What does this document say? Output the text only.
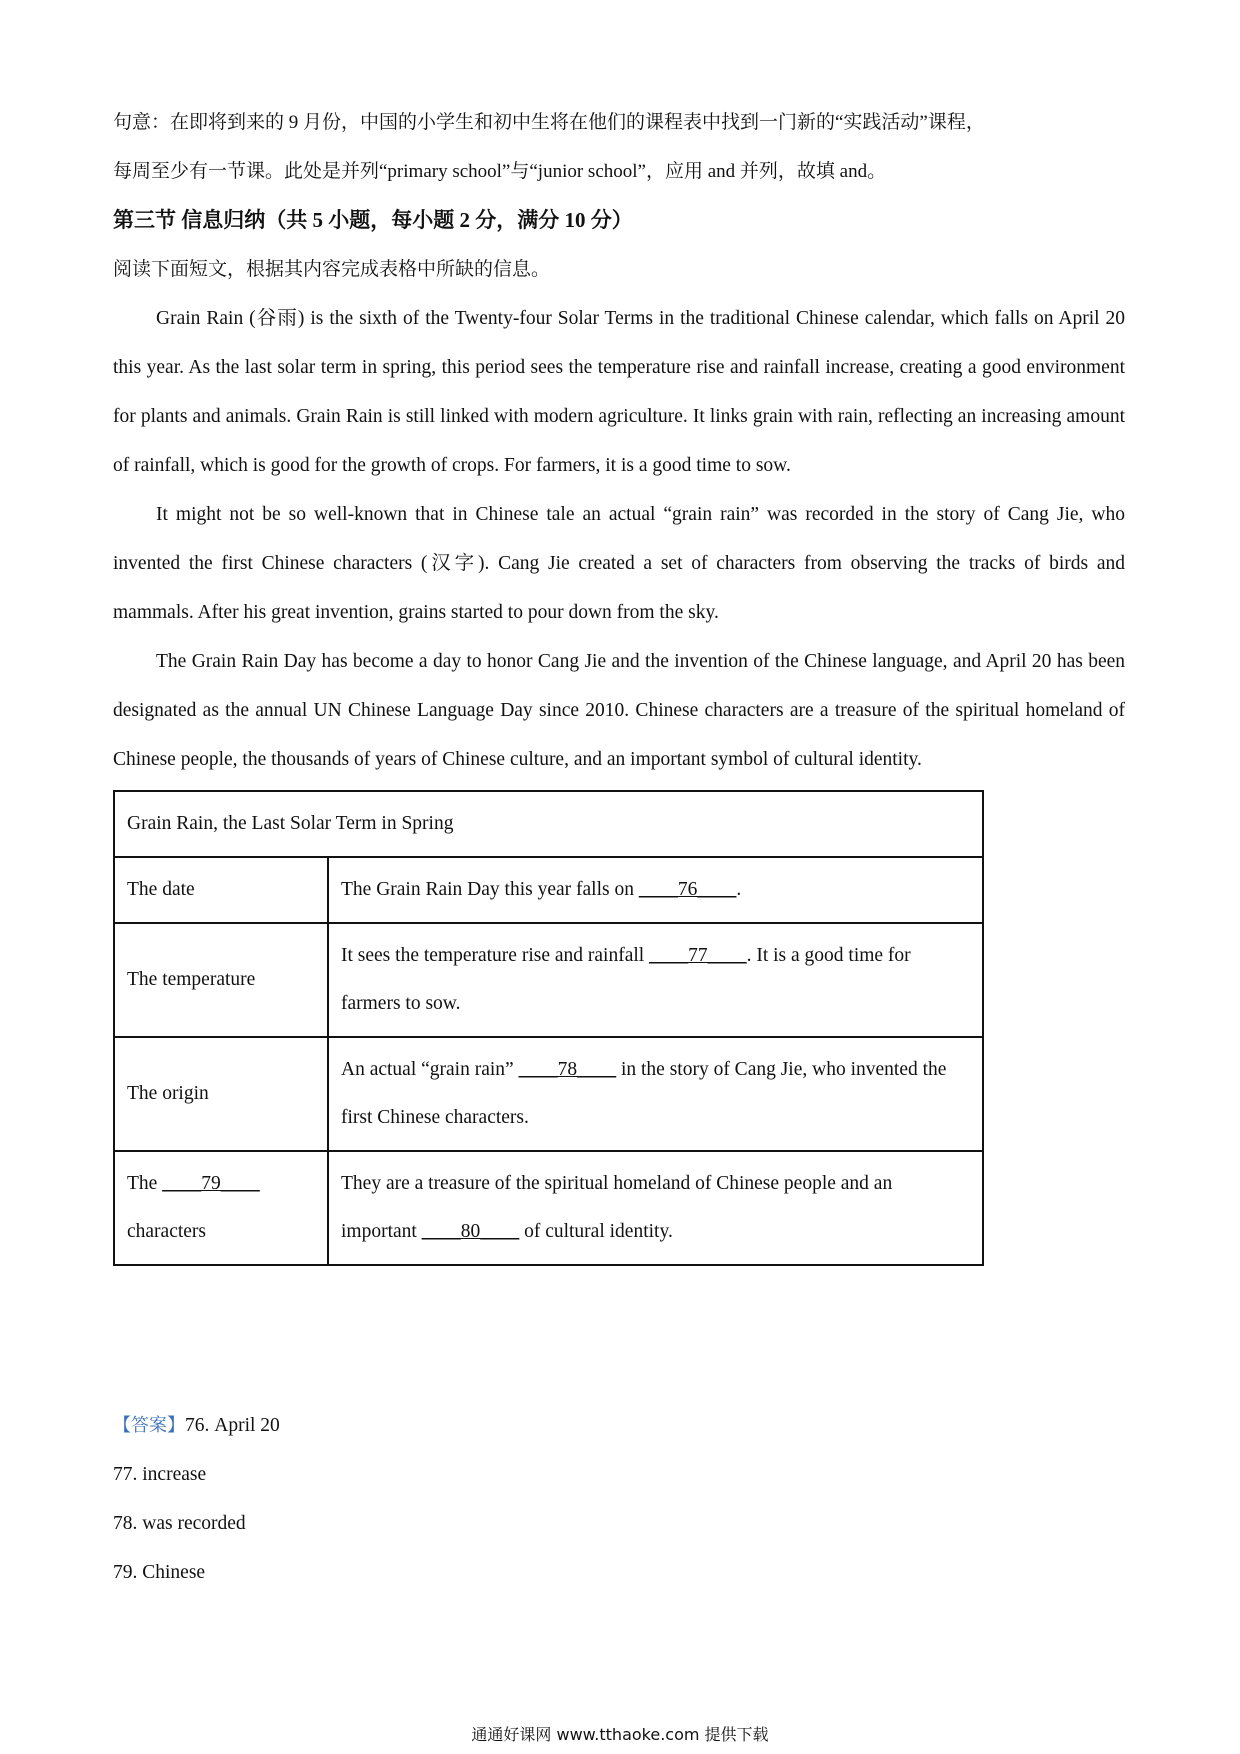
句意：在即将到来的 9 月份，中国的小学生和初中生将在他们的课程表中找到一门新的“实践活动”课程，

每周至少有一节课。此处是并列“primary school”与“junior school”，应用 and 并列，故填 and。

第三节 信息归纳（共 5 小题，每小题 2 分，满分 10 分）

阅读下面短文，根据其内容完成表格中所缺的信息。

Grain Rain (谷雨) is the sixth of the Twenty-four Solar Terms in the traditional Chinese calendar, which falls on April 20 this year. As the last solar term in spring, this period sees the temperature rise and rainfall increase, creating a good environment for plants and animals. Grain Rain is still linked with modern agriculture. It links grain with rain, reflecting an increasing amount of rainfall, which is good for the growth of crops. For farmers, it is a good time to sow.

It might not be so well-known that in Chinese tale an actual “grain rain” was recorded in the story of Cang Jie, who invented the first Chinese characters (汉字). Cang Jie created a set of characters from observing the tracks of birds and mammals. After his great invention, grains started to pour down from the sky.

The Grain Rain Day has become a day to honor Cang Jie and the invention of the Chinese language, and April 20 has been designated as the annual UN Chinese Language Day since 2010. Chinese characters are a treasure of the spiritual homeland of Chinese people, the thousands of years of Chinese culture, and an important symbol of cultural identity.

Grain Rain, the Last Solar Term in Spring	
The date	The Grain Rain Day this year falls on ____76____.
The temperature	It sees the temperature rise and rainfall ____77____. It is a good time for farmers to sow.
The origin	An actual “grain rain” ____78____ in the story of Cang Jie, who invented the first Chinese characters.
The ____79____
characters	They are a treasure of the spiritual homeland of Chinese people and an important ____80____ of cultural identity.

【答案】76. April 20

77. increase

78. was recorded

79. Chinese

通通好课网 www.tthaoke.com 提供下载
